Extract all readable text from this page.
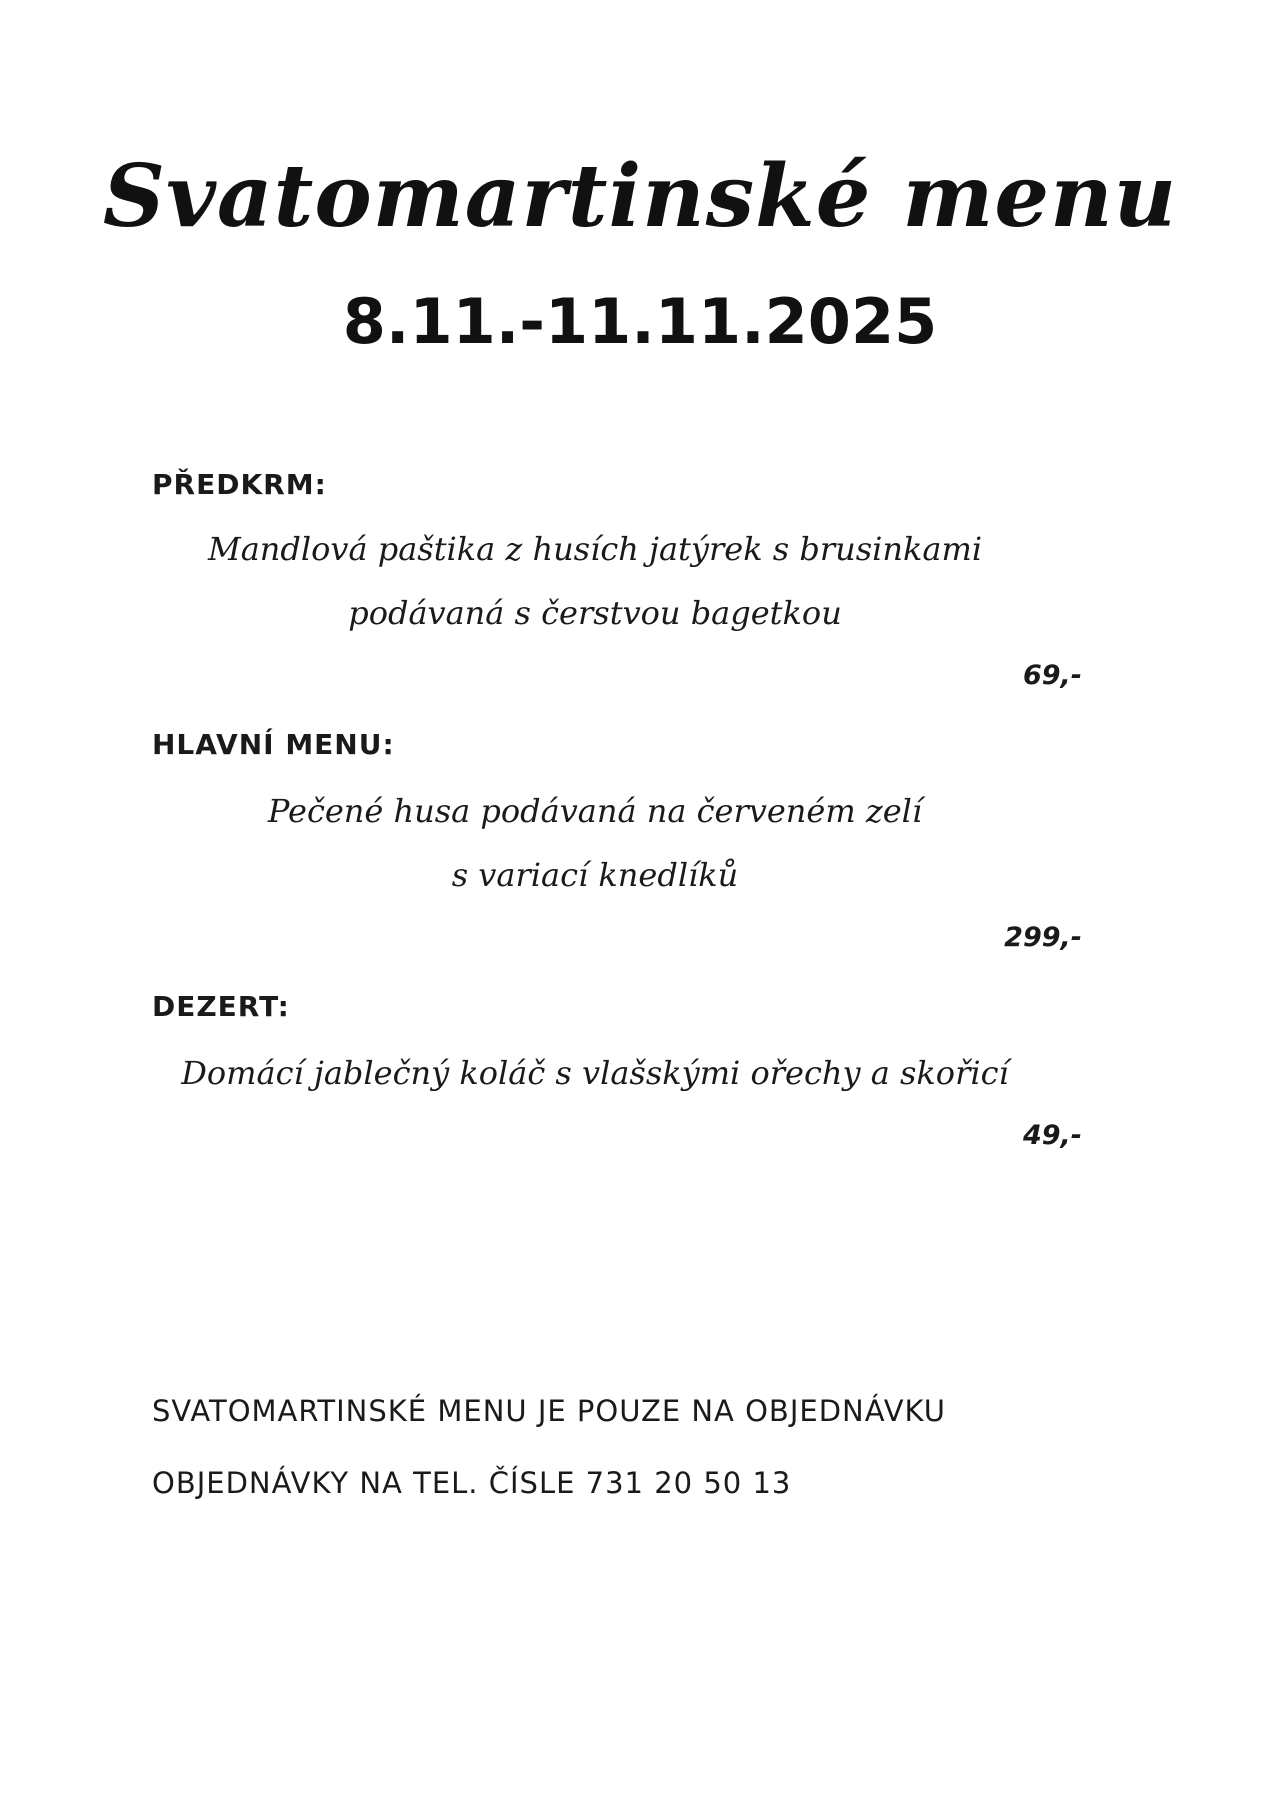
Svatomartinské menu
8.11.-11.11.2025
PŘEDKRM:
Mandlová paštika z husích jatýrek s brusinkami
podávaná s čerstvou bagetkou
69,-
HLAVNÍ MENU:
Pečené husa podávaná na červeném zelí
s variací knedlíků
299,-
DEZERT:
Domácí jablečný koláč s vlašskými ořechy a skořicí
49,-
SVATOMARTINSKÉ MENU JE POUZE NA OBJEDNÁVKU
OBJEDNÁVKY NA TEL. ČÍSLE 731 20 50 13
